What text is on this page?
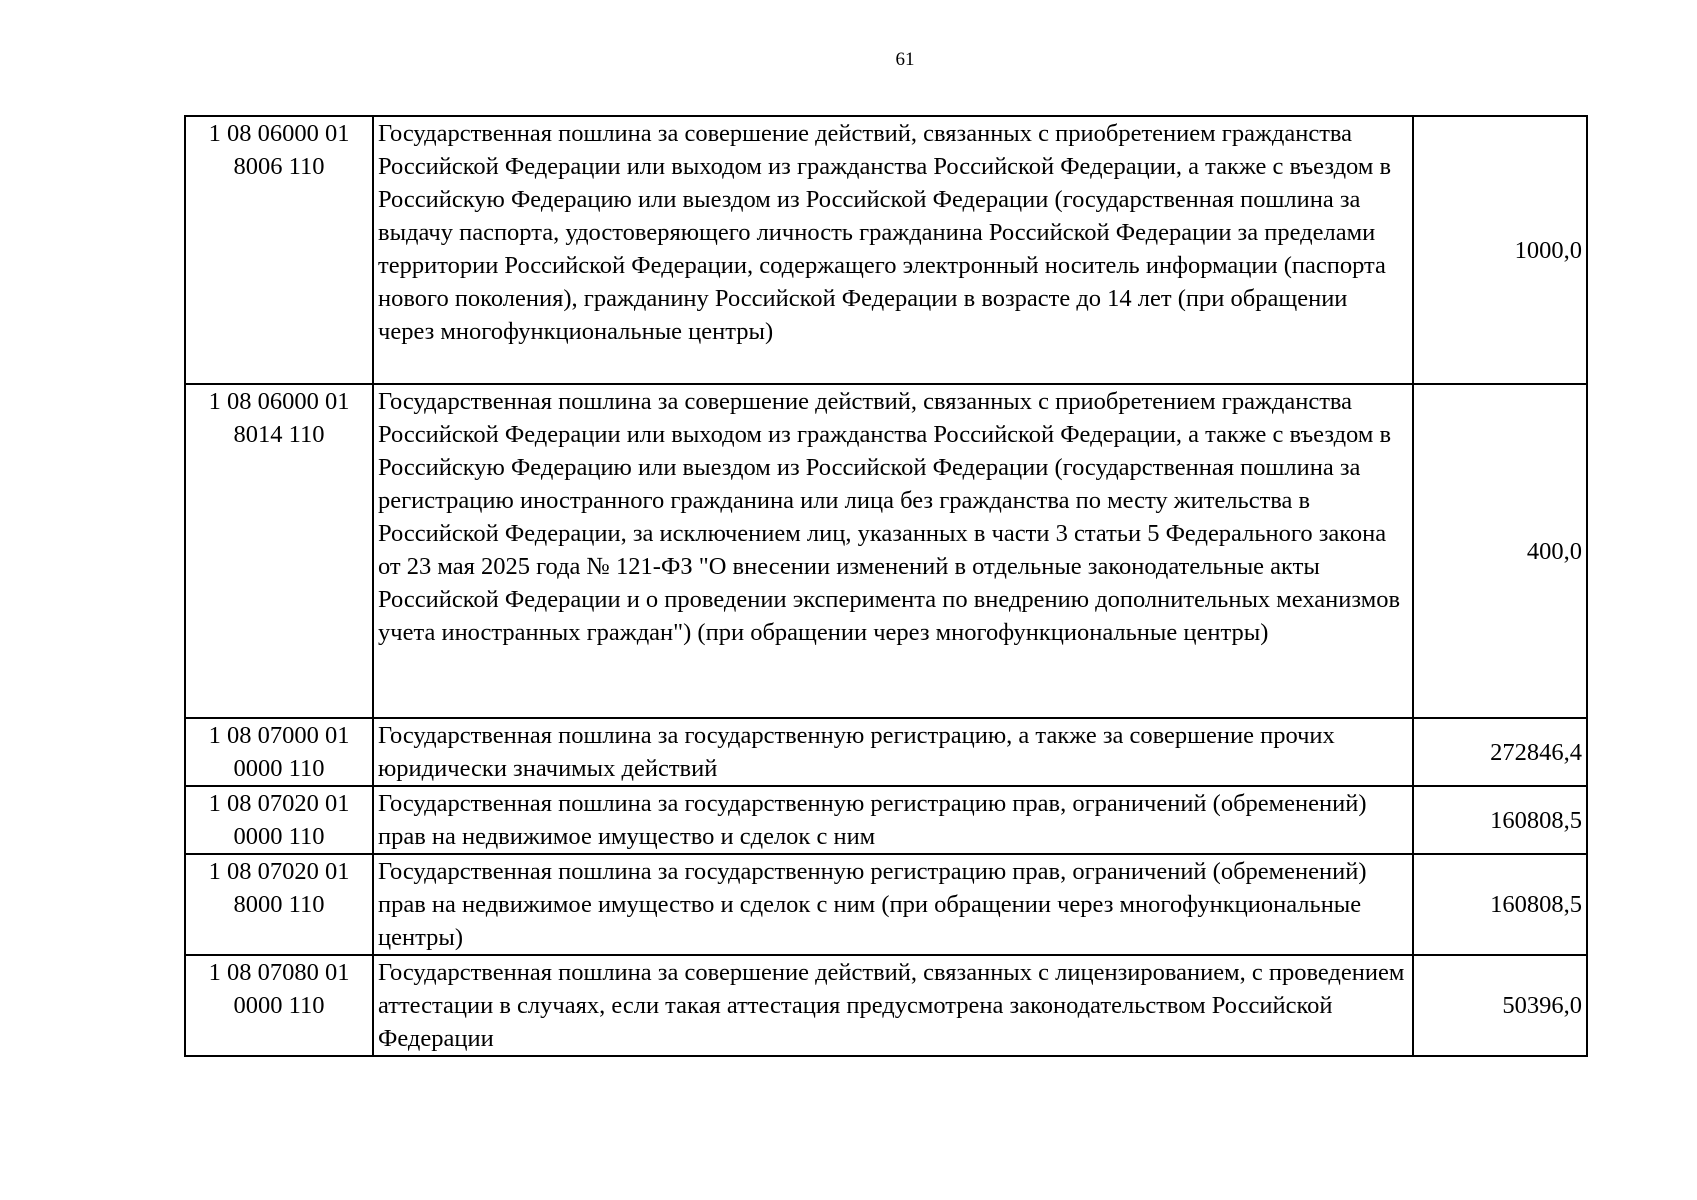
61
1 08 06000 01 8006 110	Государственная пошлина за совершение действий, связанных с приобретением гражданства Российской Федерации или выходом из гражданства Российской Федерации, а также с въездом в Российскую Федерацию или выездом из Российской Федерации (государственная пошлина за выдачу паспорта, удостоверяющего личность гражданина Российской Федерации за пределами территории Российской Федерации, содержащего электронный носитель информации (паспорта нового поколения), гражданину Российской Федерации в возрасте до 14 лет (при обращении через многофункциональные центры)	1000,0
1 08 06000 01 8014 110	Государственная пошлина за совершение действий, связанных с приобретением гражданства Российской Федерации или выходом из гражданства Российской Федерации, а также с въездом в Российскую Федерацию или выездом из Российской Федерации (государственная пошлина за регистрацию иностранного гражданина или лица без гражданства по месту жительства в Российской Федерации, за исключением лиц, указанных в части 3 статьи 5 Федерального закона от 23 мая 2025 года № 121-ФЗ "О внесении изменений в отдельные законодательные акты Российской Федерации и о проведении эксперимента по внедрению дополнительных механизмов учета иностранных граждан") (при обращении через многофункциональные центры)	400,0
1 08 07000 01 0000 110	Государственная пошлина за государственную регистрацию, а также за совершение прочих юридически значимых действий	272846,4
1 08 07020 01 0000 110	Государственная пошлина за государственную регистрацию прав, ограничений (обременений) прав на недвижимое имущество и сделок с ним	160808,5
1 08 07020 01 8000 110	Государственная пошлина за государственную регистрацию прав, ограничений (обременений) прав на недвижимое имущество и сделок с ним (при обращении через многофункциональные центры)	160808,5
1 08 07080 01 0000 110	Государственная пошлина за совершение действий, связанных с лицензированием, с проведением аттестации в случаях, если такая аттестация предусмотрена законодательством Российской Федерации	50396,0
